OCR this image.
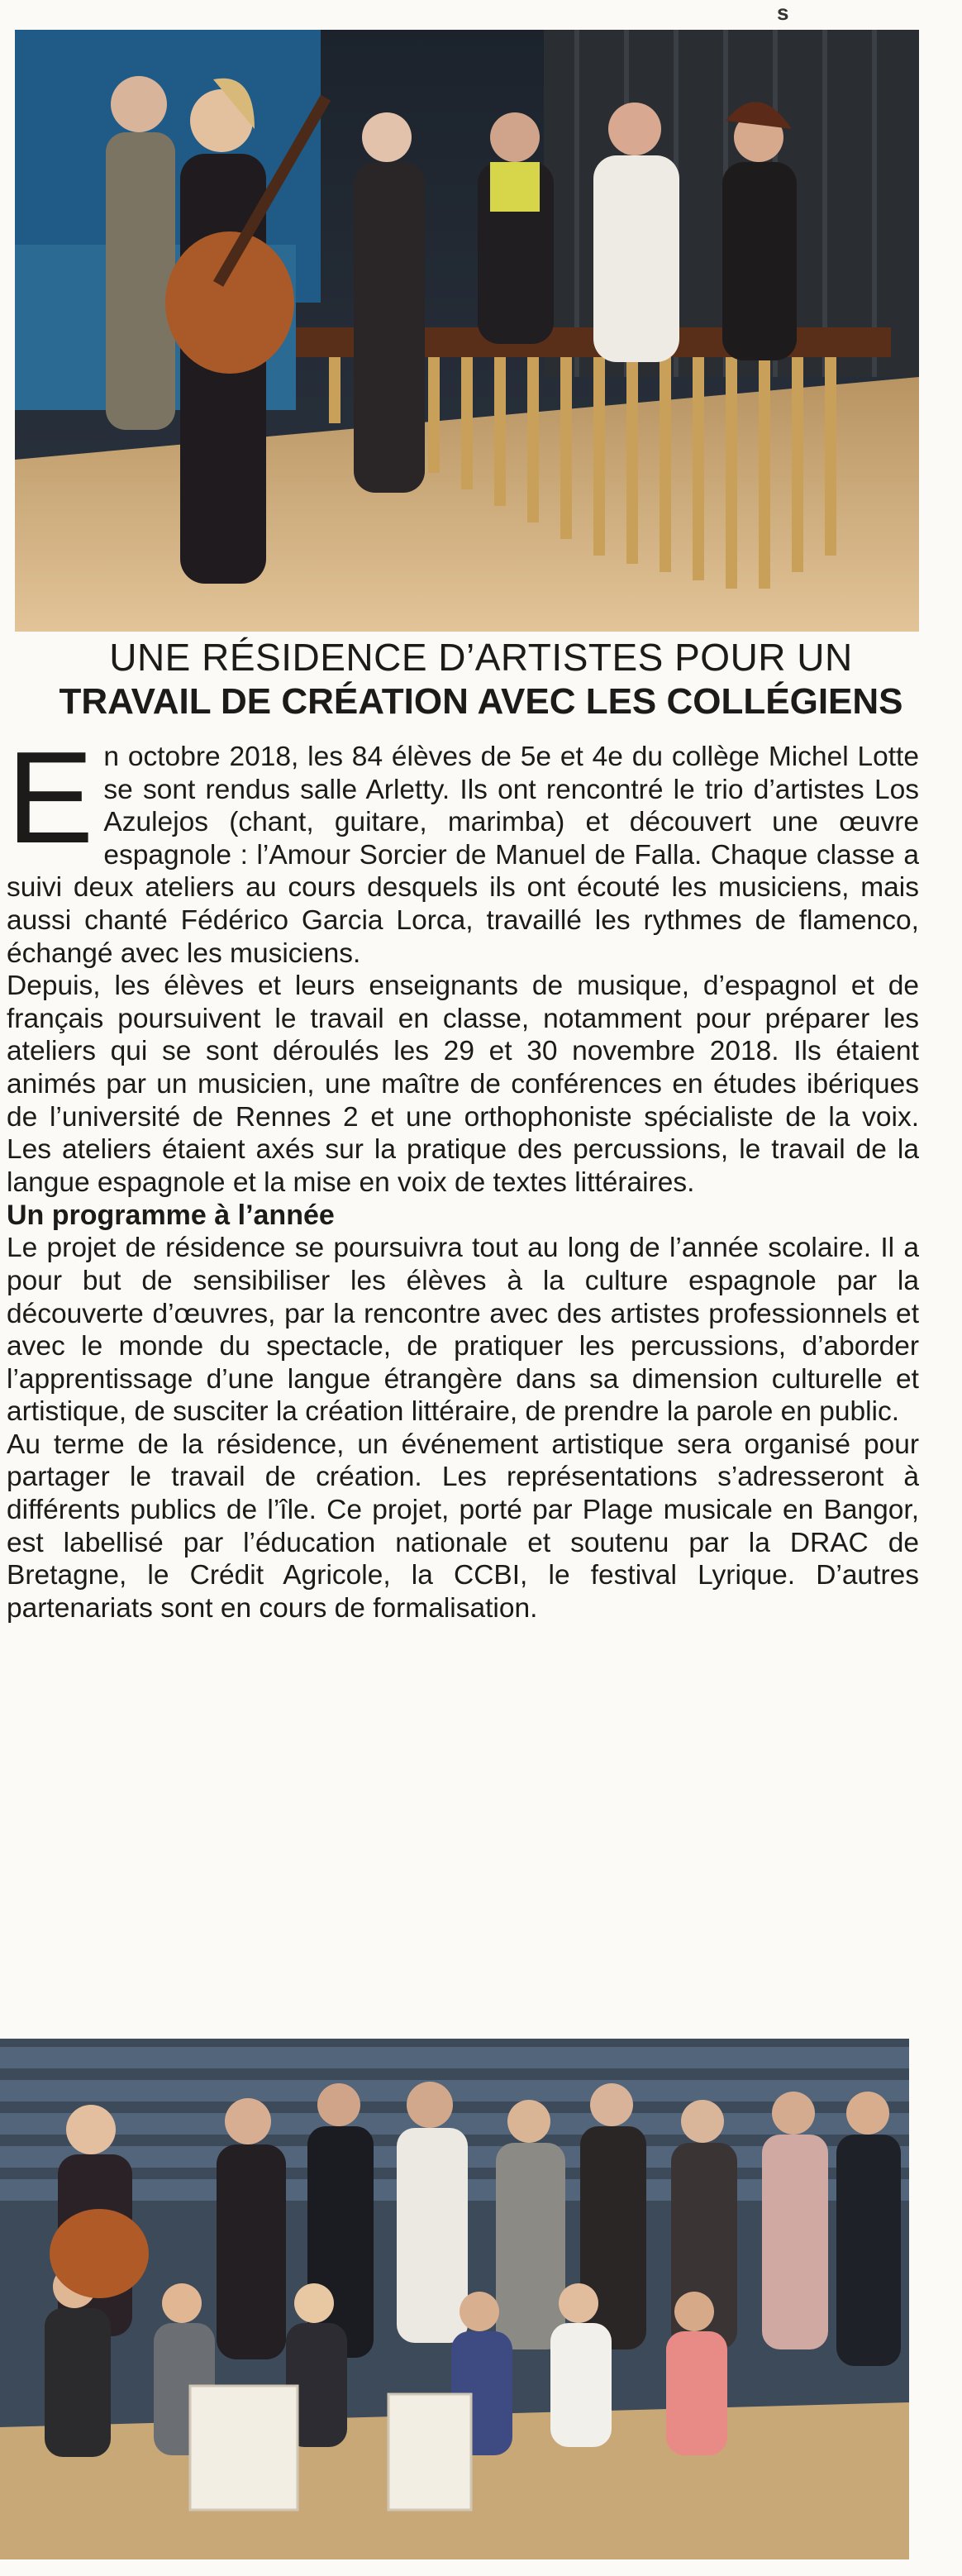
s
UNE RÉSIDENCE D’ARTISTES POUR UN
TRAVAIL DE CRÉATION AVEC LES COLLÉGIENS

En octobre 2018, les 84 élèves de 5e et 4e du collège Michel Lotte se sont rendus salle Arletty. Ils ont rencontré le trio d’artistes Los Azulejos (chant, guitare, marimba) et découvert une œuvre espagnole : l’Amour Sorcier de Manuel de Falla. Chaque classe a suivi deux ateliers au cours desquels ils ont écouté les musiciens, mais aussi chanté Fédérico Garcia Lorca, travaillé les rythmes de flamenco, échangé avec les musiciens.

Depuis, les élèves et leurs enseignants de musique, d’espagnol et de français poursuivent le travail en classe, notamment pour préparer les ateliers qui se sont déroulés les 29 et 30 novembre 2018. Ils étaient animés par un musicien, une maître de conférences en études ibériques de l’université de Rennes 2 et une orthophoniste spécialiste de la voix. Les ateliers étaient axés sur la pratique des percussions, le travail de la langue espagnole et la mise en voix de textes littéraires.

Un programme à l’année

Le projet de résidence se poursuivra tout au long de l’année scolaire. Il a pour but de sensibiliser les élèves à la culture espagnole par la découverte d’œuvres, par la rencontre avec des artistes professionnels et avec le monde du spectacle, de pratiquer les percussions, d’aborder l’apprentissage d’une langue étrangère dans sa dimension culturelle et artistique, de susciter la création littéraire, de prendre la parole en public.

Au terme de la résidence, un événement artistique sera organisé pour partager le travail de création. Les représentations s’adresseront à différents publics de l’île. Ce projet, porté par Plage musicale en Bangor, est labellisé par l’éducation nationale et soutenu par la DRAC de Bretagne, le Crédit Agricole, la CCBI, le festival Lyrique. D’autres partenariats sont en cours de formalisation.
